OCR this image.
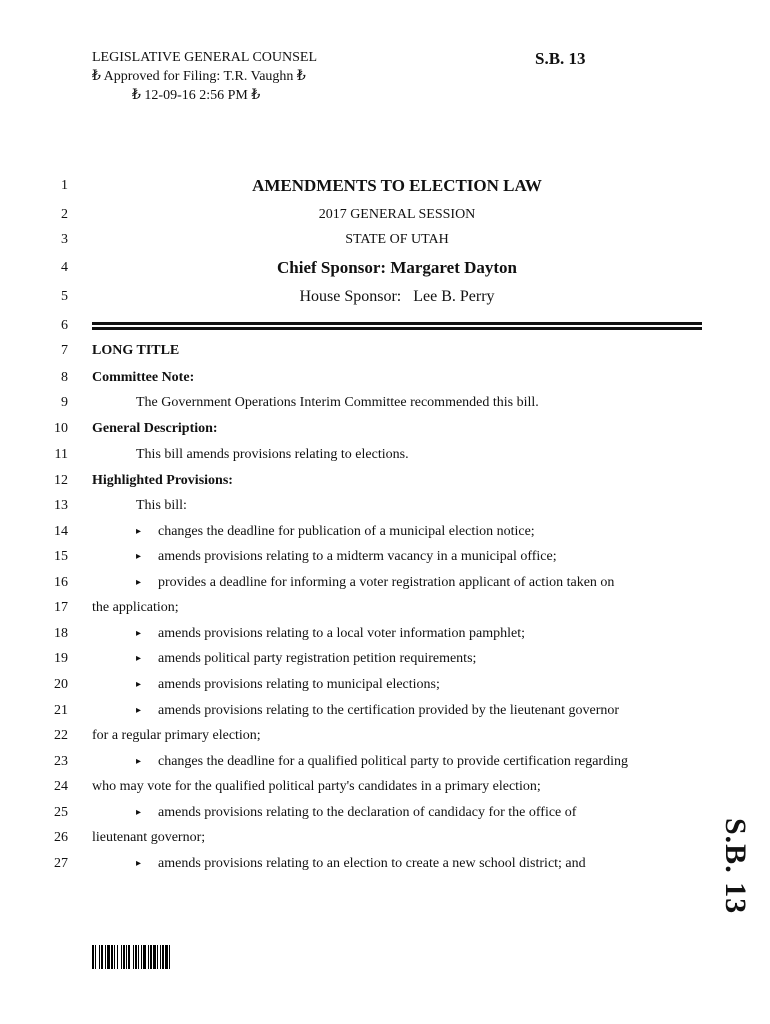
LEGISLATIVE GENERAL COUNSEL
₺ Approved for Filing: T.R. Vaughn ₺
₺ 12-09-16 2:56 PM ₺
S.B. 13
1
2
3
4
5
6
7
8
9
10
11
12
13
14
15
16
17
18
19
20
21
22
23
24
25
26
27
AMENDMENTS TO ELECTION LAW
2017 GENERAL SESSION
STATE OF UTAH
Chief Sponsor: Margaret Dayton
House Sponsor:   Lee B. Perry
LONG TITLE
Committee Note:
The Government Operations Interim Committee recommended this bill.
General Description:
This bill amends provisions relating to elections.
Highlighted Provisions:
This bill:
▸ changes the deadline for publication of a municipal election notice;
▸ amends provisions relating to a midterm vacancy in a municipal office;
▸ provides a deadline for informing a voter registration applicant of action taken on
the application;
▸ amends provisions relating to a local voter information pamphlet;
▸ amends political party registration petition requirements;
▸ amends provisions relating to municipal elections;
▸ amends provisions relating to the certification provided by the lieutenant governor
for a regular primary election;
▸ changes the deadline for a qualified political party to provide certification regarding
who may vote for the qualified political party's candidates in a primary election;
▸ amends provisions relating to the declaration of candidacy for the office of
lieutenant governor;
▸ amends provisions relating to an election to create a new school district; and	S.B. 13
